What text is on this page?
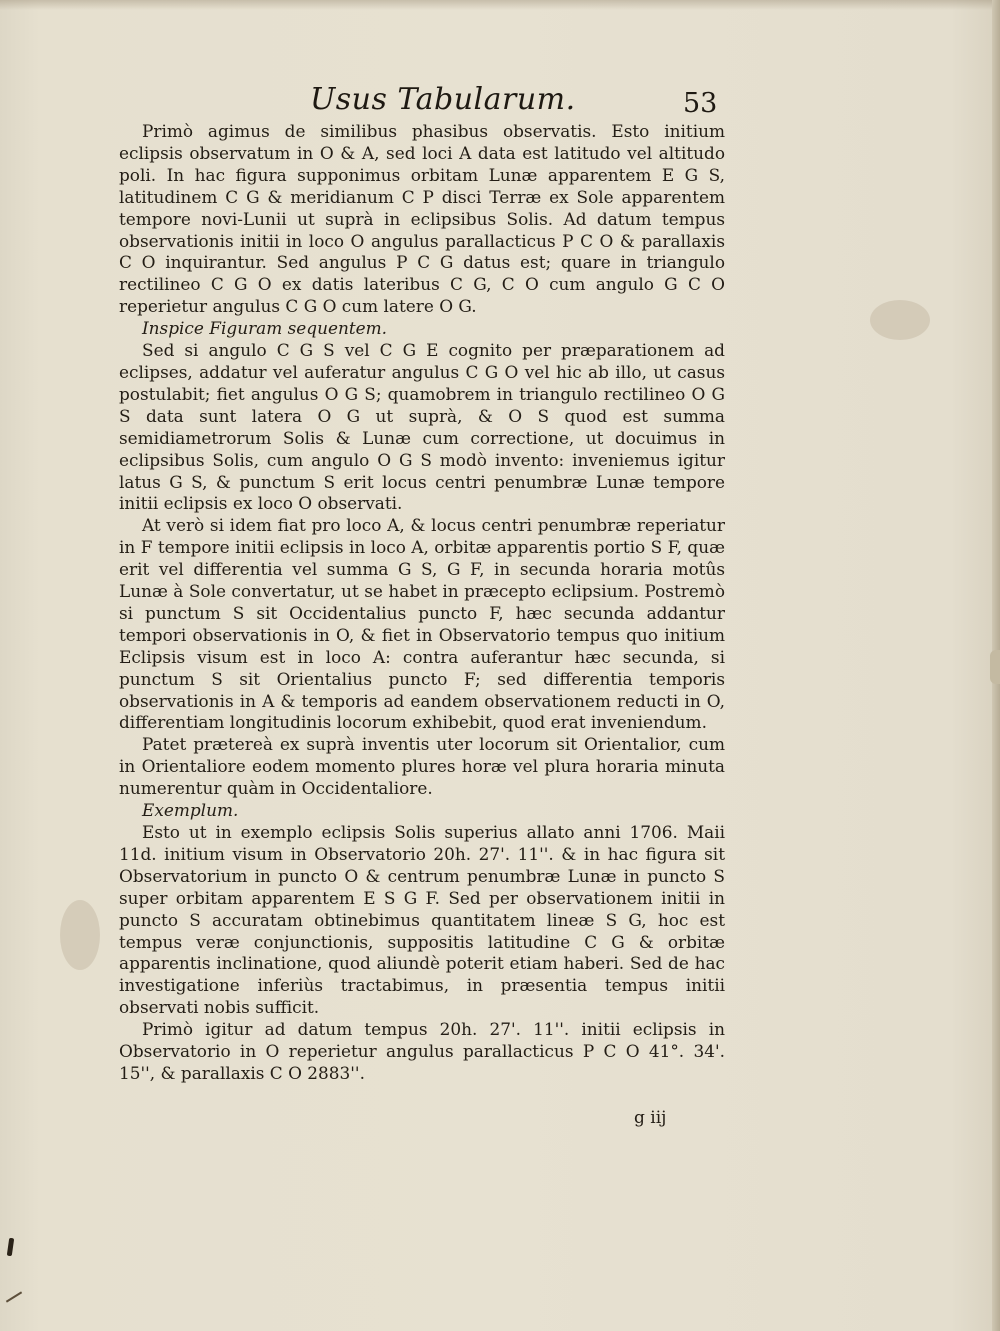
Usus Tabularum.	53

Primò agimus de similibus phasibus observatis. Esto initium eclipsis observatum in O & A, sed loci A data est latitudo vel altitudo poli. In hac figura supponimus orbitam Lunæ apparentem E G S, latitudinem C G & meridianum C P disci Terræ ex Sole apparentem tempore novi-Lunii ut suprà in eclipsibus Solis. Ad datum tempus observationis initii in loco O angulus parallacticus P C O & parallaxis C O inquirantur. Sed angulus P C G datus est; quare in triangulo rectilineo C G O ex datis lateribus C G, C O cum angulo G C O reperietur angulus C G O cum latere O G.

Inspice Figuram sequentem.

Sed si angulo C G S vel C G E cognito per præparationem ad eclipses, addatur vel auferatur angulus C G O vel hic ab illo, ut casus postulabit; fiet angulus O G S; quamobrem in triangulo rectilineo O G S data sunt latera O G ut suprà, & O S quod est summa semidiametrorum Solis & Lunæ cum correctione, ut docuimus in eclipsibus Solis, cum angulo O G S modò invento: inveniemus igitur latus G S, & punctum S erit locus centri penumbræ Lunæ tempore initii eclipsis ex loco O observati.

At verò si idem fiat pro loco A, & locus centri penumbræ reperiatur in F tempore initii eclipsis in loco A, orbitæ apparentis portio S F, quæ erit vel differentia vel summa G S, G F, in secunda horaria motûs Lunæ à Sole convertatur, ut se habet in præcepto eclipsium. Postremò si punctum S sit Occidentalius puncto F, hæc secunda addantur tempori observationis in O, & fiet in Observatorio tempus quo initium Eclipsis visum est in loco A: contra auferantur hæc secunda, si punctum S sit Orientalius puncto F; sed differentia temporis observationis in A & temporis ad eandem observationem reducti in O, differentiam longitudinis locorum exhibebit, quod erat inveniendum.

Patet prætereà ex suprà inventis uter locorum sit Orientalior, cum in Orientaliore eodem momento plures horæ vel plura horaria minuta numerentur quàm in Occidentaliore.

Exemplum.

Esto ut in exemplo eclipsis Solis superius allato anni 1706. Maii 11d. initium visum in Observatorio 20h. 27'. 11''. & in hac figura sit Observatorium in puncto O & centrum penumbræ Lunæ in puncto S super orbitam apparentem E S G F. Sed per observationem initii in puncto S accuratam obtinebimus quantitatem lineæ S G, hoc est tempus veræ conjunctionis, suppositis latitudine C G & orbitæ apparentis inclinatione, quod aliundè poterit etiam haberi. Sed de hac investigatione inferiùs tractabimus, in præsentia tempus initii observati nobis sufficit.

Primò igitur ad datum tempus 20h. 27'. 11''. initii eclipsis in Observatorio in O reperietur angulus parallacticus P C O 41°. 34'. 15'', & parallaxis C O 2883''.

g iij
